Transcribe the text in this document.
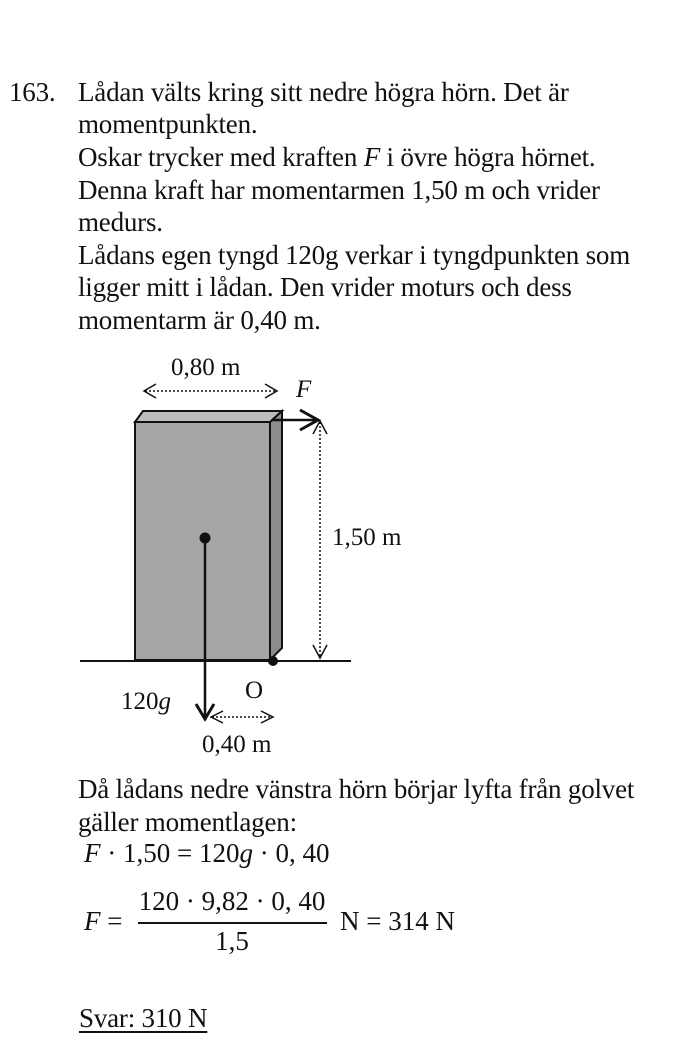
163. Lådan välts kring sitt nedre högra hörn. Det är
momentpunkten.
Oskar trycker med kraften F i övre högra hörnet.
Denna kraft har momentarmen 1,50 m och vrider
medurs.
Lådans egen tyngd 120g verkar i tyngdpunkten som
ligger mitt i lådan. Den vrider moturs och dess
momentarm är 0,40 m.
0,80 m
F
1,50 m
120g	O
0,40 m
Då lådans nedre vänstra hörn börjar lyfta från golvet
gäller momentlagen:
F · 1,50 = 120g · 0, 40
F =
120 · 9,82 · 0, 40
1,5
N = 314 N
Svar: 310 N
